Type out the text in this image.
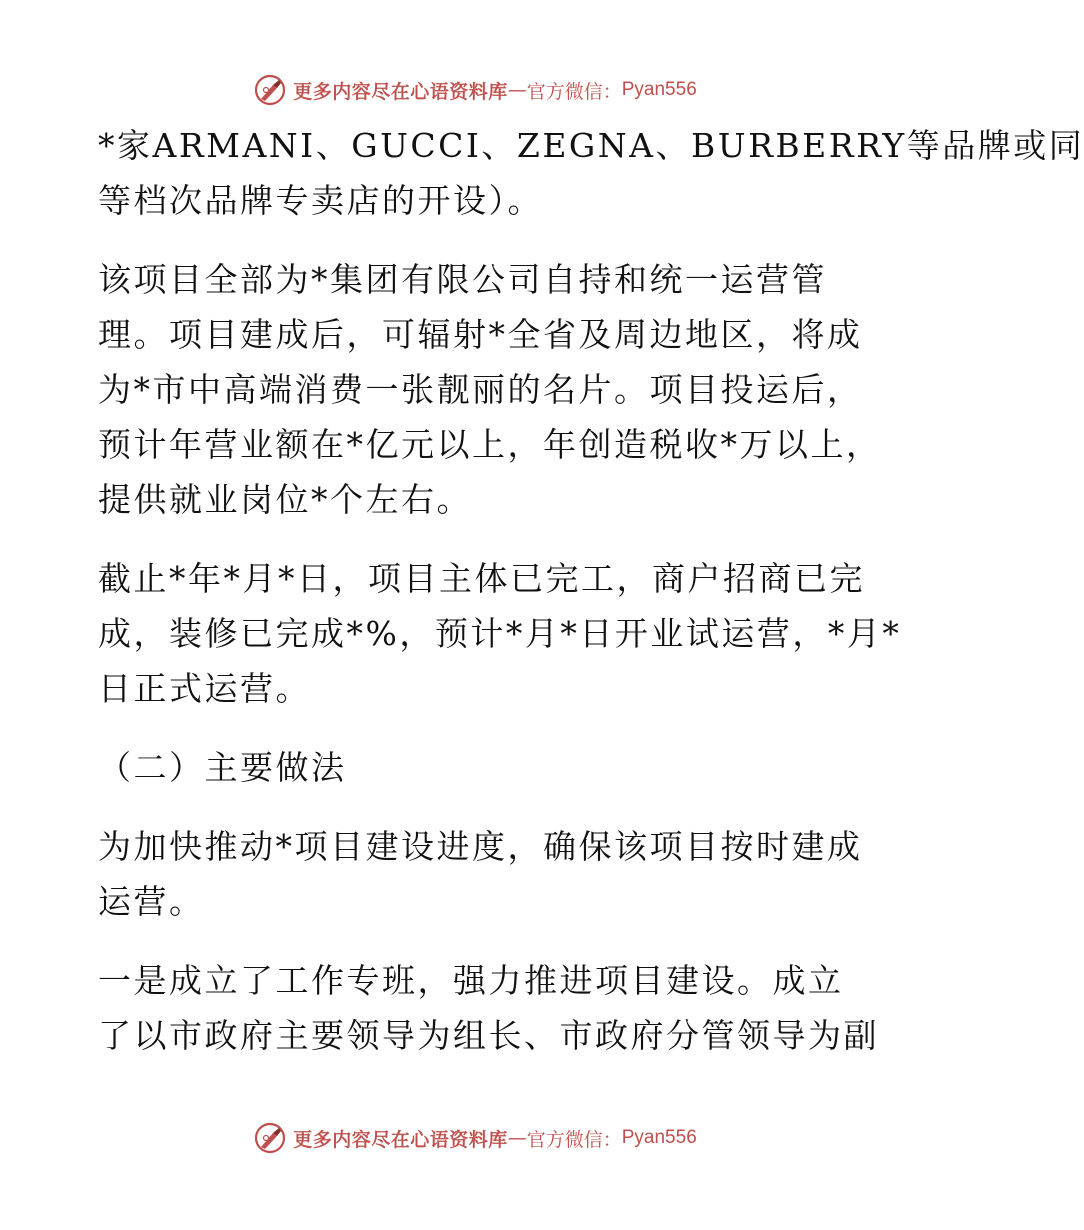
更多内容尽在心语资料库 — 官方微信： Pyan556
*家ARMANI、GUCCI、ZEGNA、BURBERRY等品牌或同
等档次品牌专卖店的开设）。
该项目全部为*集团有限公司自持和统一运营管
理。项目建成后，可辐射*全省及周边地区，将成
为*市中高端消费一张靓丽的名片。项目投运后，
预计年营业额在*亿元以上，年创造税收*万以上，
提供就业岗位*个左右。
截止*年*月*日，项目主体已完工，商户招商已完
成，装修已完成*%，预计*月*日开业试运营，*月*
日正式运营。
（二）主要做法
为加快推动*项目建设进度，确保该项目按时建成
运营。
一是成立了工作专班，强力推进项目建设。成立
了以市政府主要领导为组长、市政府分管领导为副
更多内容尽在心语资料库 — 官方微信： Pyan556
